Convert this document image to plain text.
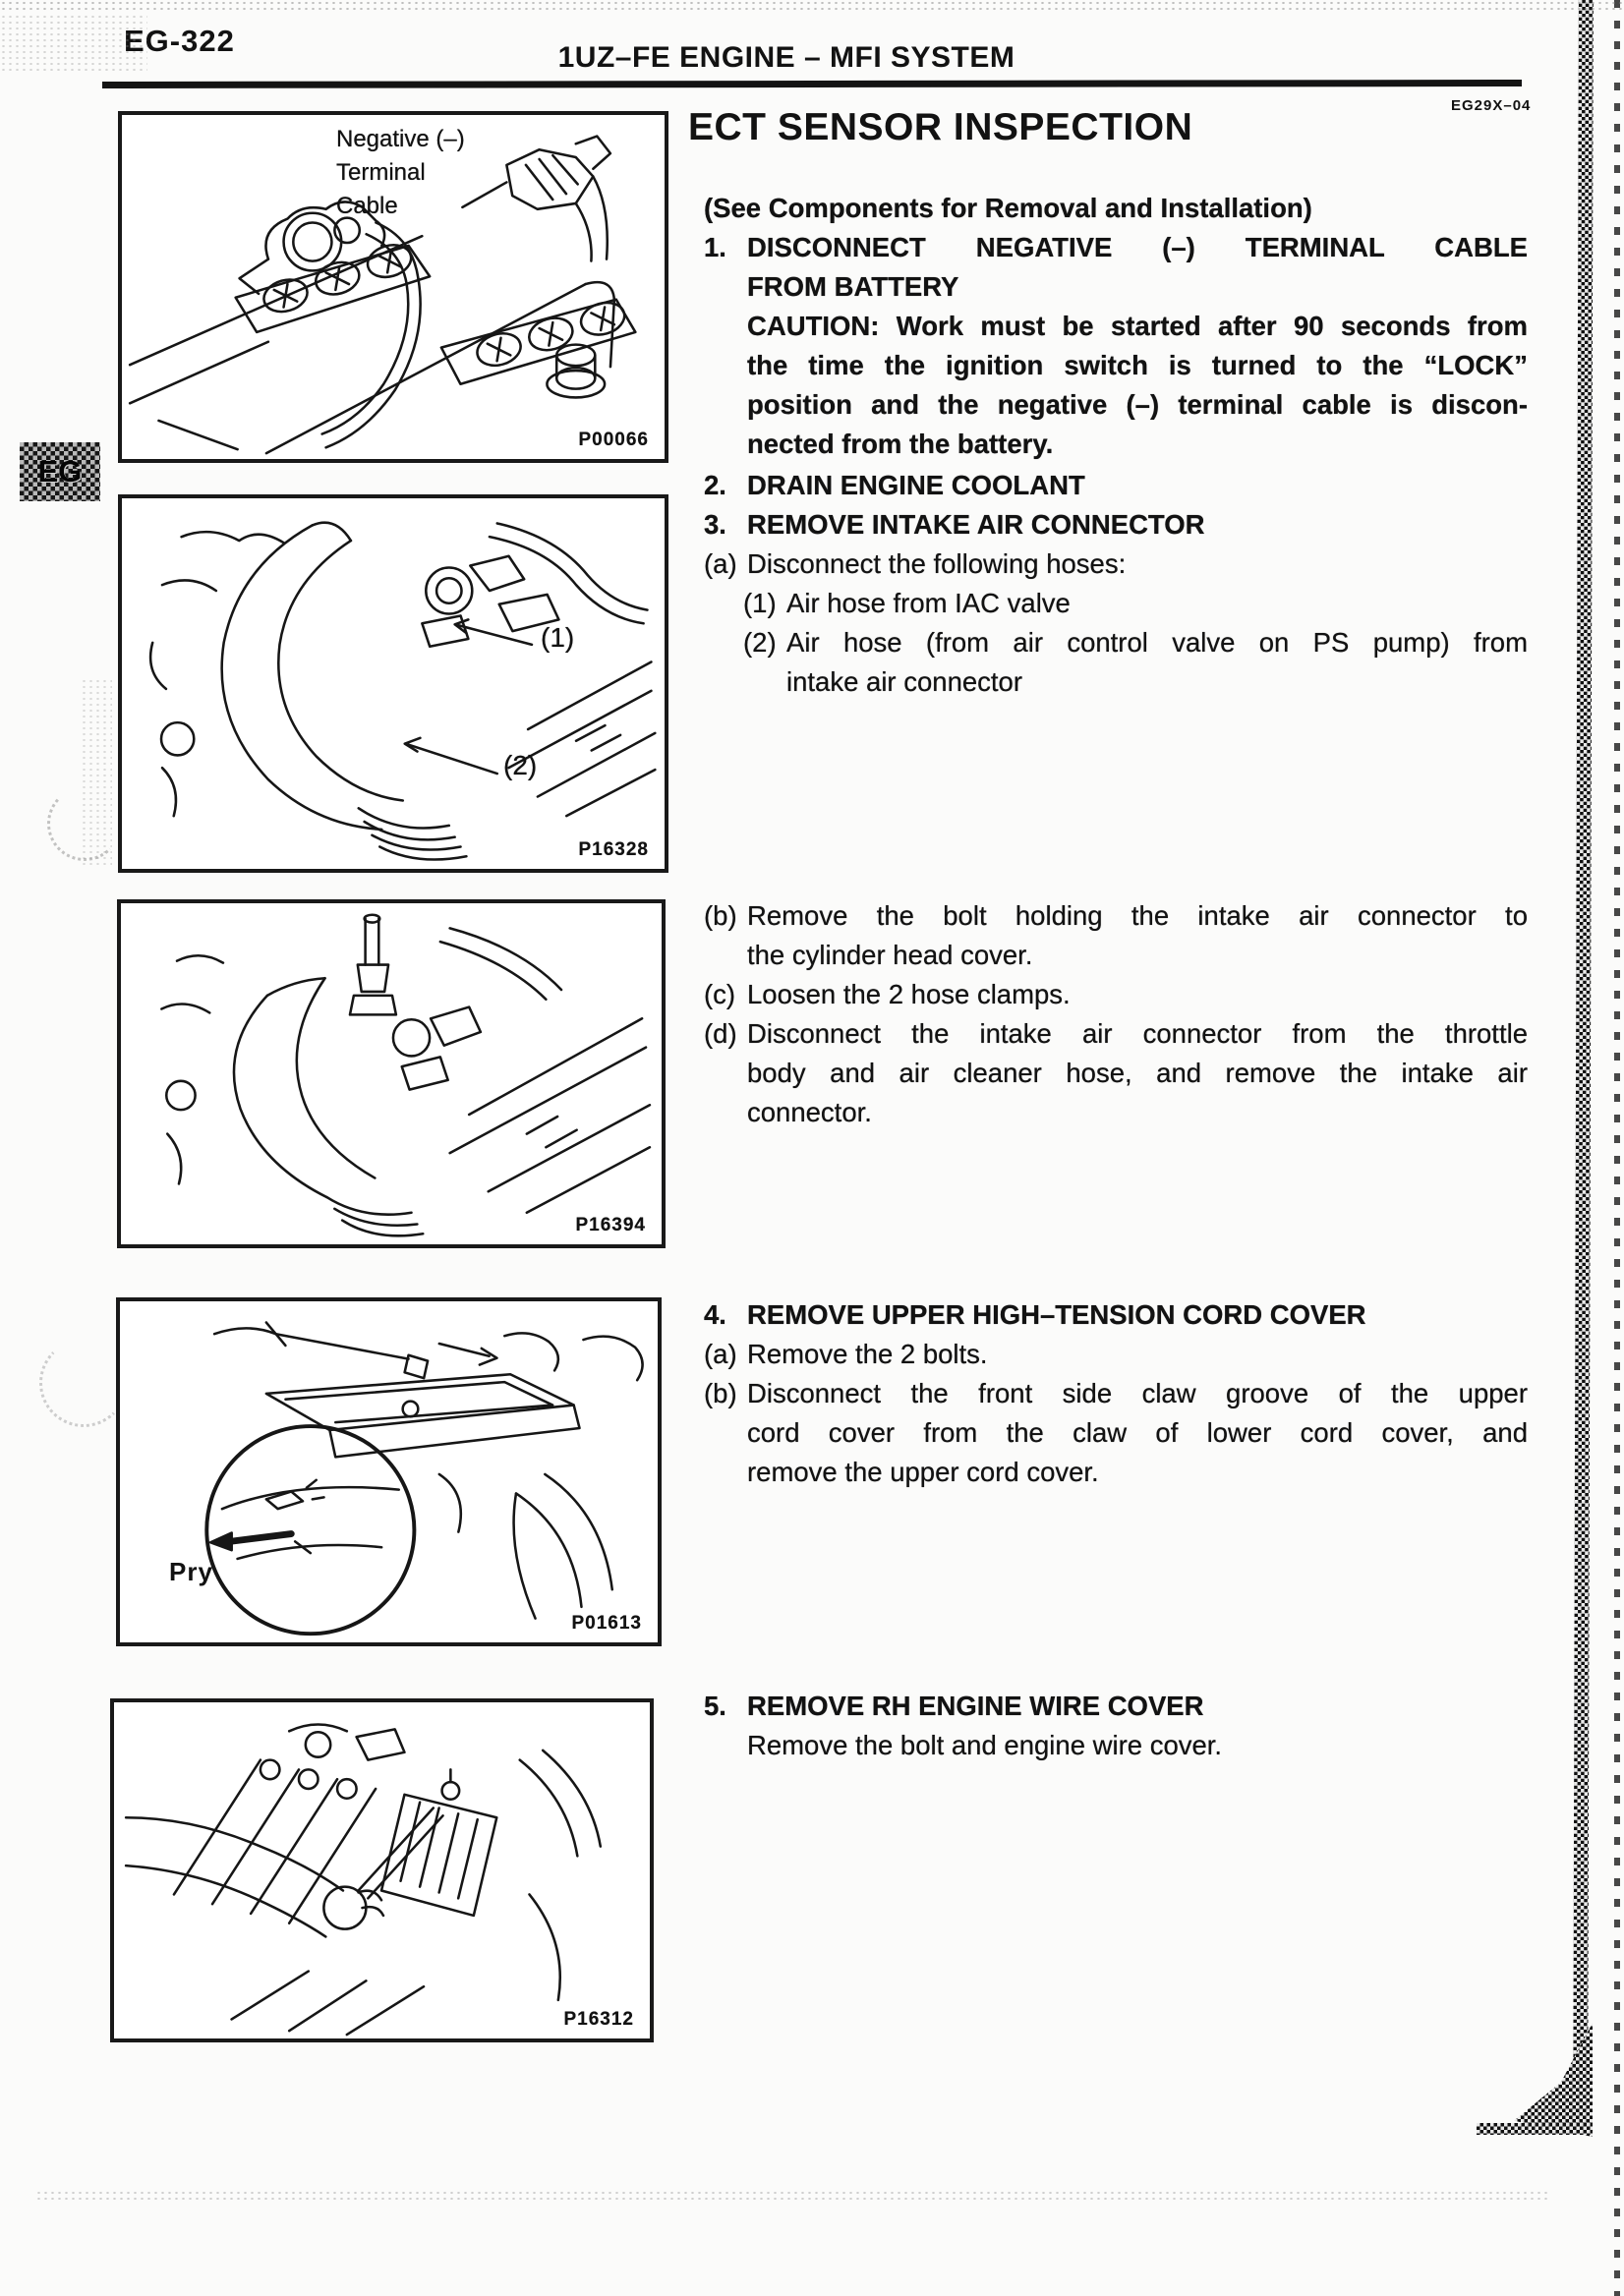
EG-322	1UZ–FE ENGINE – MFI SYSTEM
EG29X–04
ECT SENSOR INSPECTION
EG
Negative (–)
Terminal
Cable
P00066
(1)
(2)
P16328
P16394
Pry
P01613
P16312
(See Components for Removal and Installation)
1. DISCONNECT NEGATIVE (–) TERMINAL CABLE
FROM BATTERY
CAUTION: Work must be started after 90 seconds from
the time the ignition switch is turned to the “LOCK”
position and the negative (–) terminal cable is discon-
nected from the battery.
2. DRAIN ENGINE COOLANT
3. REMOVE INTAKE AIR CONNECTOR
(a) Disconnect the following hoses:
(1) Air hose from IAC valve
(2) Air hose (from air control valve on PS pump) from
intake air connector
(b) Remove the bolt holding the intake air connector to
the cylinder head cover.
(c) Loosen the 2 hose clamps.
(d) Disconnect the intake air connector from the throttle
body and air cleaner hose, and remove the intake air
connector.
4. REMOVE UPPER HIGH–TENSION CORD COVER
(a) Remove the 2 bolts.
(b) Disconnect the front side claw groove of the upper
cord cover from the claw of lower cord cover, and
remove the upper cord cover.
5. REMOVE RH ENGINE WIRE COVER
Remove the bolt and engine wire cover.
